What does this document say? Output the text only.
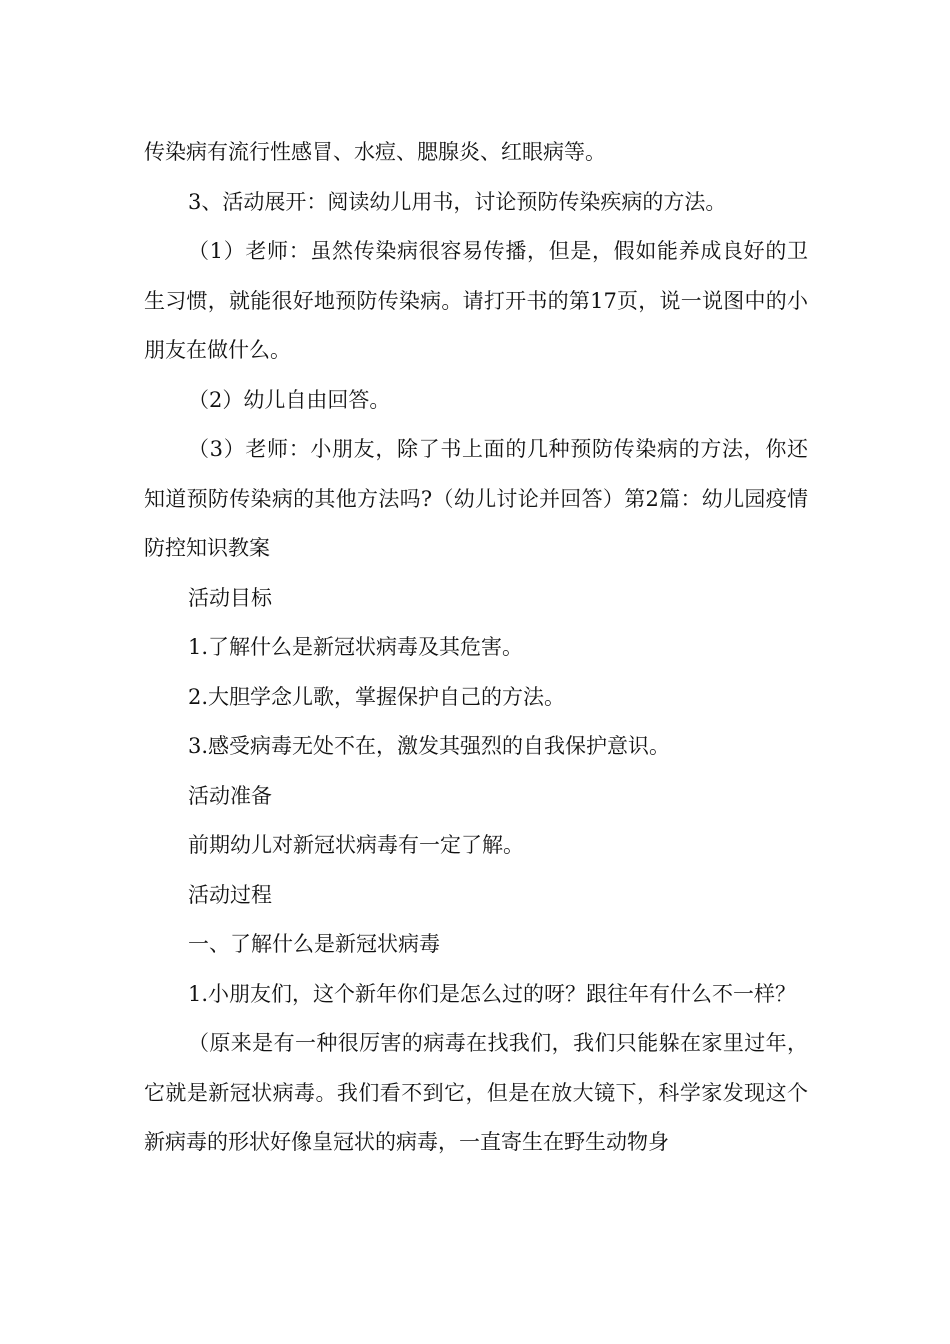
传染病有流行性感冒、水痘、腮腺炎、红眼病等。

3、活动展开：阅读幼儿用书，讨论预防传染疾病的方法。

（1）老师：虽然传染病很容易传播，但是，假如能养成良好的卫生习惯，就能很好地预防传染病。请打开书的第17页，说一说图中的小朋友在做什么。

（2）幼儿自由回答。

（3）老师：小朋友，除了书上面的几种预防传染病的方法，你还知道预防传染病的其他方法吗?（幼儿讨论并回答）第2篇：幼儿园疫情防控知识教案

活动目标

1.了解什么是新冠状病毒及其危害。

2.大胆学念儿歌，掌握保护自己的方法。

3.感受病毒无处不在，激发其强烈的自我保护意识。

活动准备

前期幼儿对新冠状病毒有一定了解。

活动过程

一、了解什么是新冠状病毒

1.小朋友们，这个新年你们是怎么过的呀？跟往年有什么不一样？

（原来是有一种很厉害的病毒在找我们，我们只能躲在家里过年，它就是新冠状病毒。我们看不到它，但是在放大镜下，科学家发现这个新病毒的形状好像皇冠状的病毒，一直寄生在野生动物身
